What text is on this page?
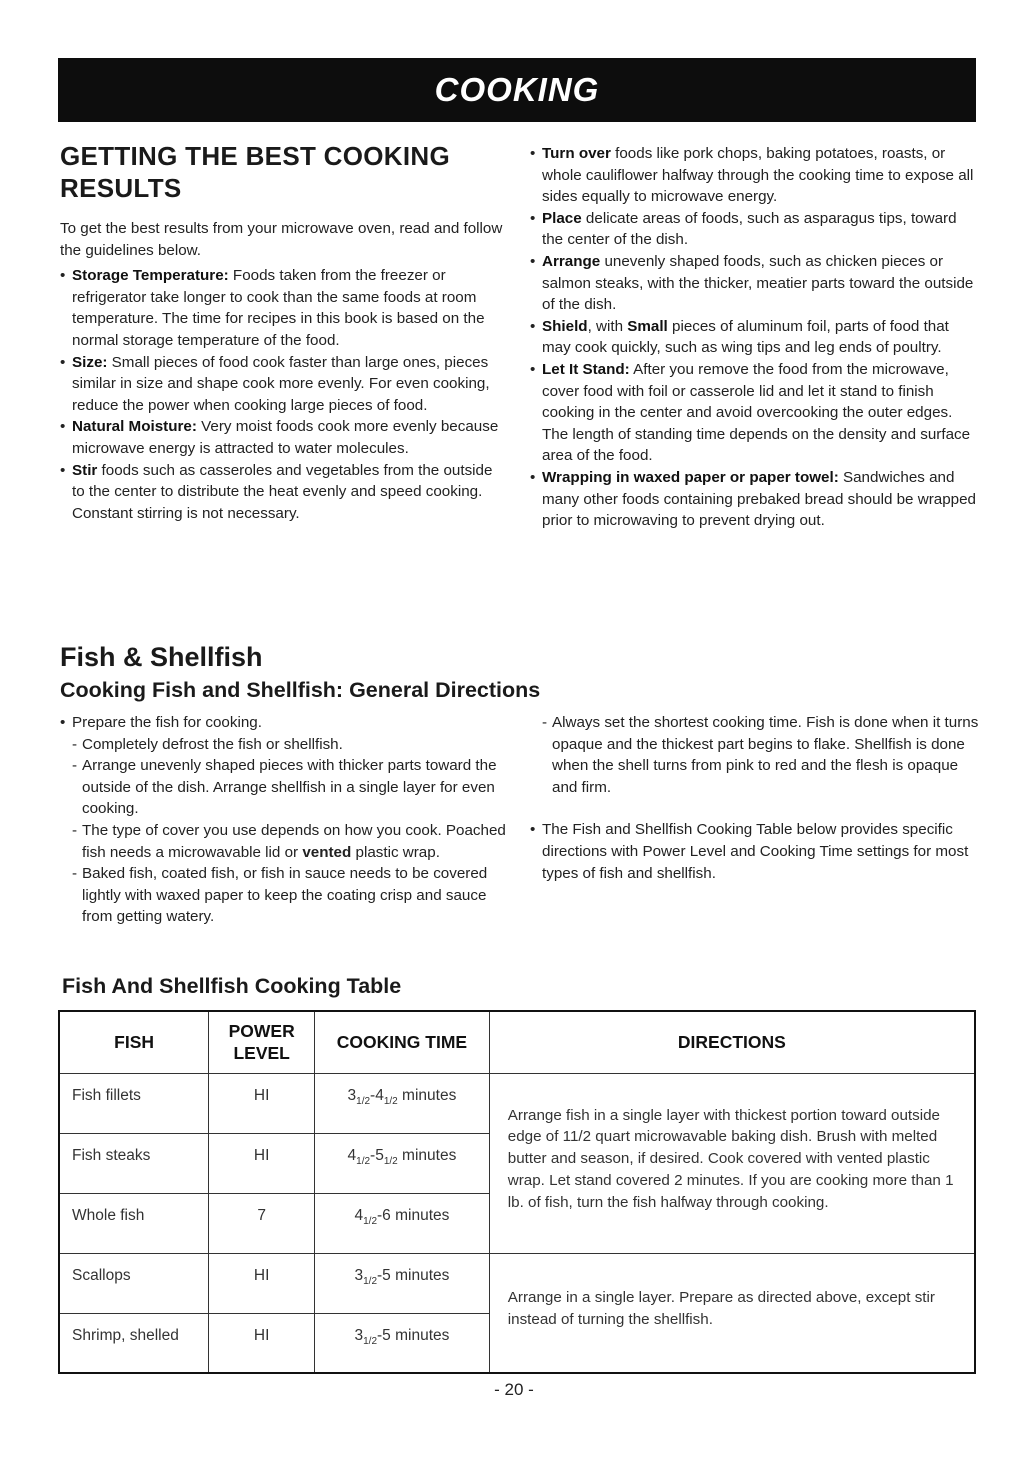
COOKING
GETTING THE BEST COOKING
RESULTS

To get the best results from your microwave oven, read and follow the guidelines below.

• Storage Temperature: Foods taken from the freezer or refrigerator take longer to cook than the same foods at room temperature. The time for recipes in this book is based on the normal storage temperature of the food.
• Size: Small pieces of food cook faster than large ones, pieces similar in size and shape cook more evenly. For even cooking, reduce the power when cooking large pieces of food.
• Natural Moisture: Very moist foods cook more evenly because microwave energy is attracted to water molecules.
• Stir foods such as casseroles and vegetables from the outside to the center to distribute the heat evenly and speed cooking. Constant stirring is not necessary.
• Turn over foods like pork chops, baking potatoes, roasts, or whole cauliflower halfway through the cooking time to expose all sides equally to microwave energy.
• Place delicate areas of foods, such as asparagus tips, toward the center of the dish.
• Arrange unevenly shaped foods, such as chicken pieces or salmon steaks, with the thicker, meatier parts toward the outside of the dish.
• Shield, with Small pieces of aluminum foil, parts of food that may cook quickly, such as wing tips and leg ends of poultry.
• Let It Stand: After you remove the food from the microwave, cover food with foil or casserole lid and let it stand to finish cooking in the center and avoid overcooking the outer edges. The length of standing time depends on the density and surface area of the food.
• Wrapping in waxed paper or paper towel: Sandwiches and many other foods containing prebaked bread should be wrapped prior to microwaving to prevent drying out.
Fish & Shellfish
Cooking Fish and Shellfish: General Directions
• Prepare the fish for cooking.
- Completely defrost the fish or shellfish.
- Arrange unevenly shaped pieces with thicker parts toward the outside of the dish. Arrange shellfish in a single layer for even cooking.
- The type of cover you use depends on how you cook. Poached fish needs a microwavable lid or vented plastic wrap.
- Baked fish, coated fish, or fish in sauce needs to be covered lightly with waxed paper to keep the coating crisp and sauce from getting watery.
- Always set the shortest cooking time. Fish is done when it turns opaque and the thickest part begins to flake. Shellfish is done when the shell turns from pink to red and the flesh is opaque and firm.
• The Fish and Shellfish Cooking Table below provides specific directions with Power Level and Cooking Time settings for most types of fish and shellfish.
Fish And Shellfish Cooking Table
FISH	POWER LEVEL	COOKING TIME	DIRECTIONS
Fish fillets	HI	$3_{1/2}-4_{1/2}$ minutes	Arrange fish in a single layer with thickest portion toward outside edge of 11/2 quart microwavable baking dish. Brush with melted butter and season, if desired. Cook covered with vented plastic wrap. Let stand covered 2 minutes. If you are cooking more than 1 lb. of fish, turn the fish halfway through cooking.
Fish steaks	HI	$4_{1/2}-5_{1/2}$ minutes	
Whole fish	7	$4_{1/2}-6$ minutes	
Scallops	HI	$3_{1/2}-5$ minutes	Arrange in a single layer. Prepare as directed above, except stir instead of turning the shellfish.
Shrimp, shelled	HI	$3_{1/2}-5$ minutes	
- 20 -
